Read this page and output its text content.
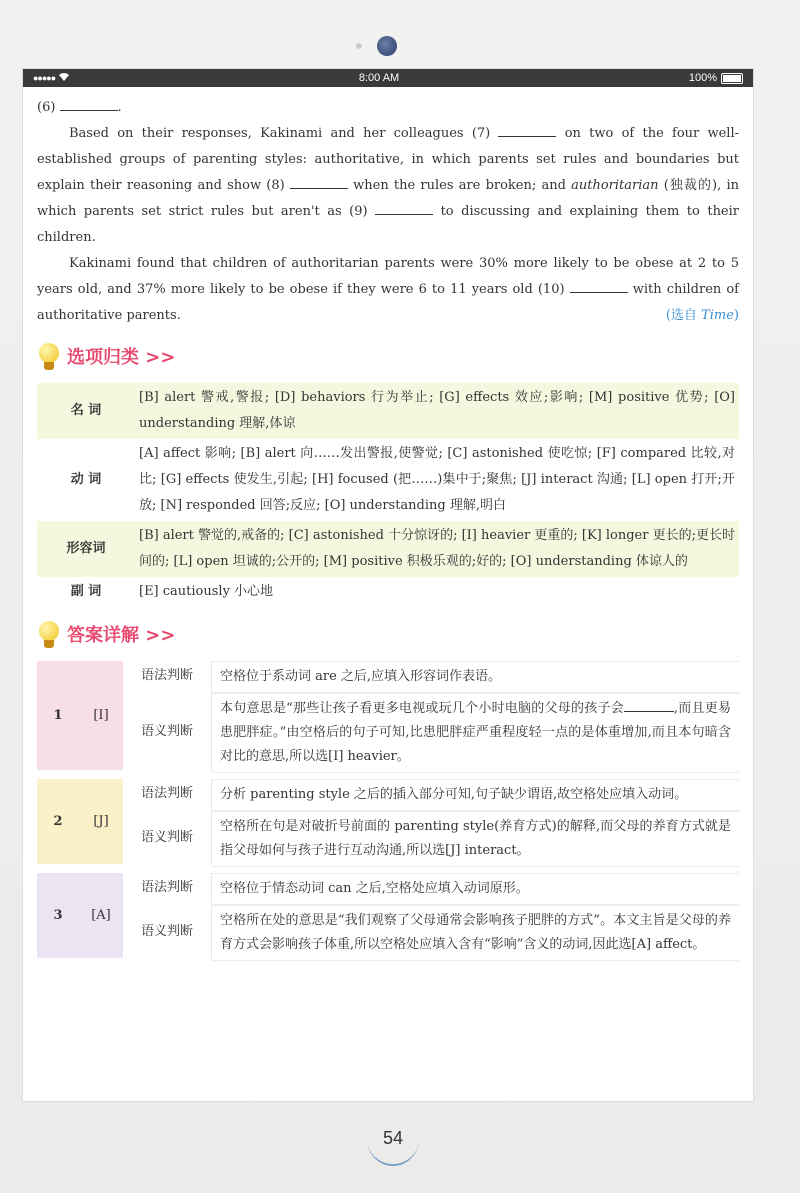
●●●●●	8:00 AM	100%

(6)	.

Based on their responses, Kakinami and her colleagues (7)	on two of the four well-established groups of parenting styles: authoritative, in which parents set rules and boundaries but explain their reasoning and show (8)	when the rules are broken; and authoritarian (独裁的), in which parents set strict rules but aren't as (9)	to discussing and explaining them to their children.

Kakinami found that children of authoritarian parents were 30% more likely to be obese at 2 to 5 years old, and 37% more likely to be obese if they were 6 to 11 years old (10)	with children of authoritative parents.	(选自 Time)

选项归类 >>
名 词	[B] alert 警戒,警报; [D] behaviors 行为举止; [G] effects 效应;影响; [M] positive 优势; [O] understanding 理解,体谅
动 词	[A] affect 影响; [B] alert 向……发出警报,使警觉; [C] astonished 使吃惊; [F] compared 比较,对比; [G] effects 使发生,引起; [H] focused (把……)集中于;聚焦; [J] interact 沟通; [L] open 打开;开放; [N] responded 回答;反应; [O] understanding 理解,明白
形容词	[B] alert 警觉的,戒备的; [C] astonished 十分惊讶的; [I] heavier 更重的; [K] longer 更长的;更长时间的; [L] open 坦诚的;公开的; [M] positive 积极乐观的;好的; [O] understanding 体谅人的
副 词	[E] cautiously 小心地
答案详解 >>
1	[I]	语法判断	空格位于系动词 are 之后,应填入形容词作表语。
		语义判断	本句意思是“那些让孩子看更多电视或玩几个小时电脑的父母的孩子会 ,而且更易患肥胖症。”由空格后的句子可知,比患肥胖症严重程度轻一点的是体重增加,而且本句暗含对比的意思,所以选[I] heavier。

2	[J]	语法判断	分析 parenting style 之后的插入部分可知,句子缺少谓语,故空格处应填入动词。
		语义判断	空格所在句是对破折号前面的 parenting style(养育方式)的解释,而父母的养育方式就是指父母如何与孩子进行互动沟通,所以选[J] interact。

3	[A]	语法判断	空格位于情态动词 can 之后,空格处应填入动词原形。
		语义判断	空格所在处的意思是“我们观察了父母通常会影响孩子肥胖的方式”。本文主旨是父母的养育方式会影响孩子体重,所以空格处应填入含有“影响”含义的动词,因此选[A] affect。
54
